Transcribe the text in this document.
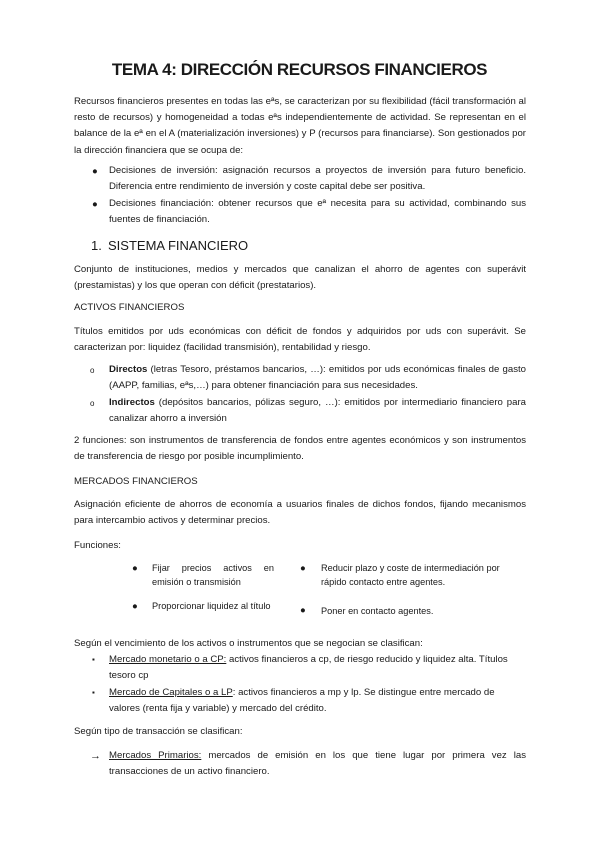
TEMA 4: DIRECCIÓN RECURSOS FINANCIEROS
Recursos financieros presentes en todas las eªs, se caracterizan por su flexibilidad (fácil transformación al resto de recursos) y homogeneidad a todas eªs independientemente de actividad. Se representan en el balance de la eª en el A (materialización inversiones) y P (recursos para financiarse). Son gestionados por la dirección financiera que se ocupa de:
● Decisiones de inversión: asignación recursos a proyectos de inversión para futuro beneficio. Diferencia entre rendimiento de inversión y coste capital debe ser positiva.
● Decisiones financiación: obtener recursos que eª necesita para su actividad, combinando sus fuentes de financiación.
1. SISTEMA FINANCIERO
Conjunto de instituciones, medios y mercados que canalizan el ahorro de agentes con superávit (prestamistas) y los que operan con déficit (prestatarios).
ACTIVOS FINANCIEROS
Títulos emitidos por uds económicas con déficit de fondos y adquiridos por uds con superávit. Se caracterizan por: liquidez (facilidad transmisión), rentabilidad y riesgo.
o Directos (letras Tesoro, préstamos bancarios, …): emitidos por uds económicas finales de gasto (AAPP, familias, eªs,…) para obtener financiación para sus necesidades.
o Indirectos (depósitos bancarios, pólizas seguro, …): emitidos por intermediario financiero para canalizar ahorro a inversión
2 funciones: son instrumentos de transferencia de fondos entre agentes económicos y son instrumentos de transferencia de riesgo por posible incumplimiento.
MERCADOS FINANCIEROS
Asignación eficiente de ahorros de economía a usuarios finales de dichos fondos, fijando mecanismos para intercambio activos y determinar precios.
Funciones:
● Fijar precios activos en emisión o transmisión
● Reducir plazo y coste de intermediación por rápido contacto entre agentes.
● Proporcionar liquidez al título	● Poner en contacto agentes.
Según el vencimiento de los activos o instrumentos que se negocian se clasifican:
▪ Mercado monetario o a CP: activos financieros a cp, de riesgo reducido y liquidez alta. Títulos tesoro cp
▪ Mercado de Capitales o a LP: activos financieros a mp y lp. Se distingue entre mercado de valores (renta fija y variable) y mercado del crédito.
Según tipo de transacción se clasifican:
→ Mercados Primarios: mercados de emisión en los que tiene lugar por primera vez las transacciones de un activo financiero.
